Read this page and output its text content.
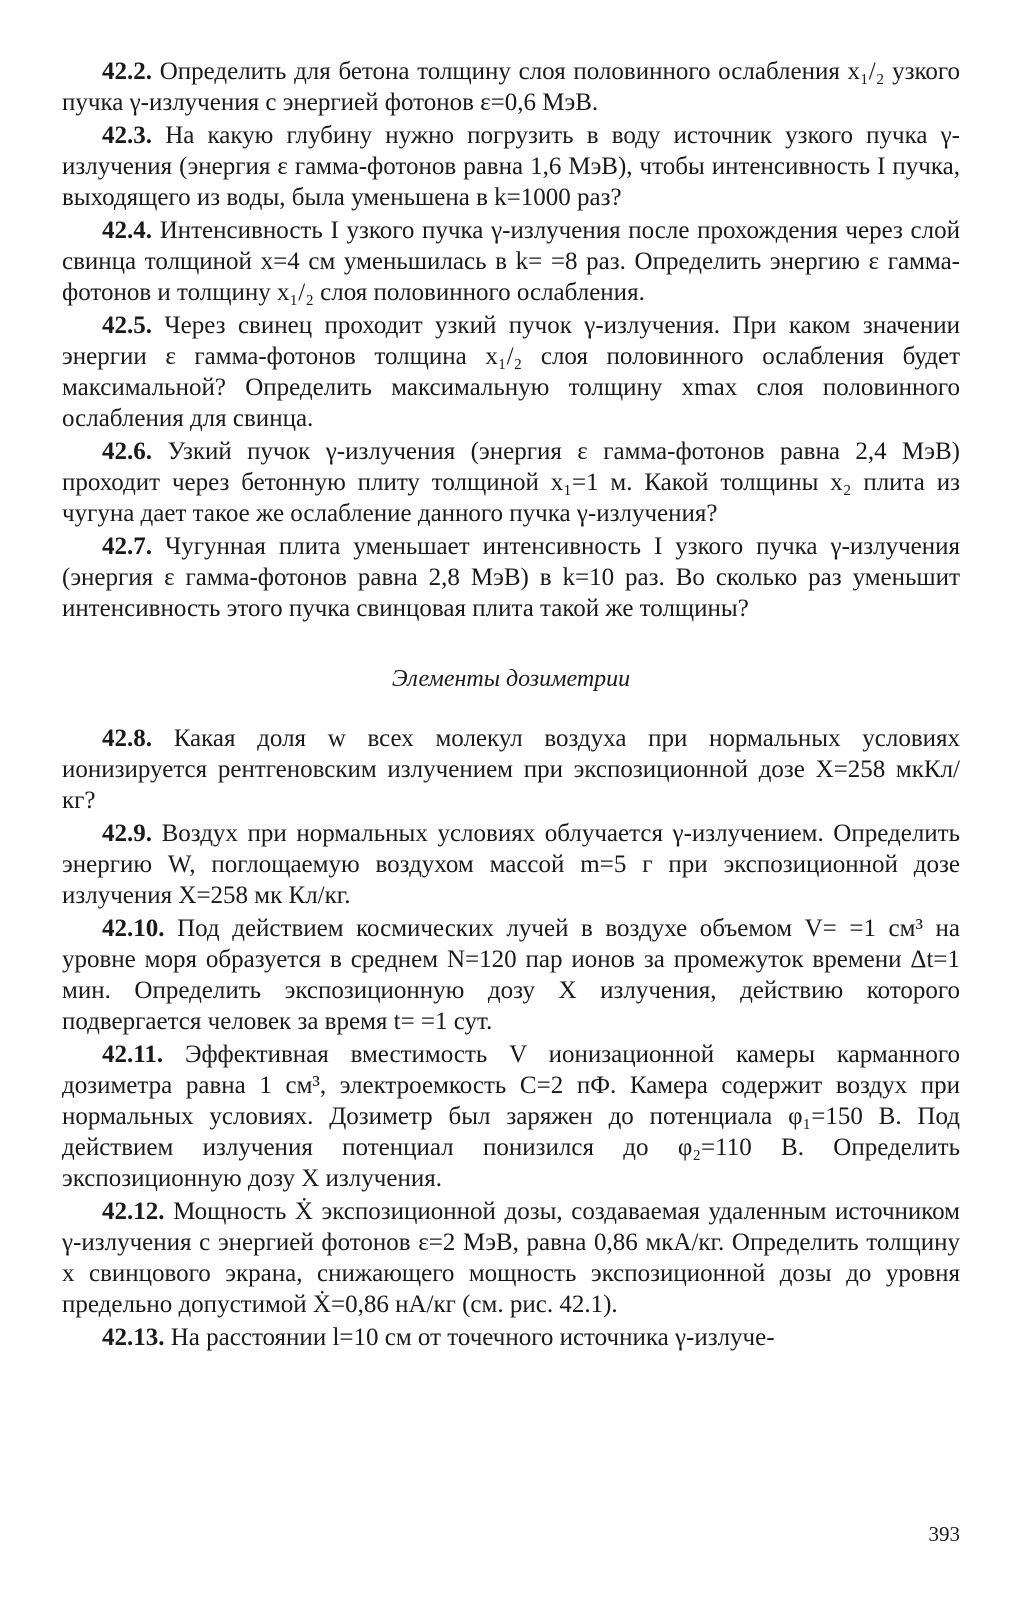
42.2. Определить для бетона толщину слоя половинного ослабления x₁/₂ узкого пучка γ-излучения с энергией фотонов ε=0,6 МэВ.

42.3. На какую глубину нужно погрузить в воду источник узкого пучка γ-излучения (энергия ε гамма-фотонов равна 1,6 МэВ), чтобы интенсивность I пучка, выходящего из воды, была уменьшена в k=1000 раз?

42.4. Интенсивность I узкого пучка γ-излучения после прохождения через слой свинца толщиной x=4 см уменьшилась в k= =8 раз. Определить энергию ε гамма-фотонов и толщину x₁/₂ слоя половинного ослабления.

42.5. Через свинец проходит узкий пучок γ-излучения. При каком значении энергии ε гамма-фотонов толщина x₁/₂ слоя половинного ослабления будет максимальной? Определить максимальную толщину xmax слоя половинного ослабления для свинца.

42.6. Узкий пучок γ-излучения (энергия ε гамма-фотонов равна 2,4 МэВ) проходит через бетонную плиту толщиной x₁=1 м. Какой толщины x₂ плита из чугуна дает такое же ослабление данного пучка γ-излучения?

42.7. Чугунная плита уменьшает интенсивность I узкого пучка γ-излучения (энергия ε гамма-фотонов равна 2,8 МэВ) в k=10 раз. Во сколько раз уменьшит интенсивность этого пучка свинцовая плита такой же толщины?

Элементы дозиметрии

42.8. Какая доля w всех молекул воздуха при нормальных условиях ионизируется рентгеновским излучением при экспозиционной дозе X=258 мкКл/кг?

42.9. Воздух при нормальных условиях облучается γ-излучением. Определить энергию W, поглощаемую воздухом массой m=5 г при экспозиционной дозе излучения X=258 мк Кл/кг.

42.10. Под действием космических лучей в воздухе объемом V= =1 см³ на уровне моря образуется в среднем N=120 пар ионов за промежуток времени Δt=1 мин. Определить экспозиционную дозу X излучения, действию которого подвергается человек за время t= =1 сут.

42.11. Эффективная вместимость V ионизационной камеры карманного дозиметра равна 1 см³, электроемкость C=2 пФ. Камера содержит воздух при нормальных условиях. Дозиметр был заряжен до потенциала φ₁=150 В. Под действием излучения потенциал понизился до φ₂=110 В. Определить экспозиционную дозу X излучения.

42.12. Мощность Ẋ экспозиционной дозы, создаваемая удаленным источником γ-излучения с энергией фотонов ε=2 МэВ, равна 0,86 мкА/кг. Определить толщину x свинцового экрана, снижающего мощность экспозиционной дозы до уровня предельно допустимой Ẋ=0,86 нА/кг (см. рис. 42.1).

42.13. На расстоянии l=10 см от точечного источника γ-излуче-

393
